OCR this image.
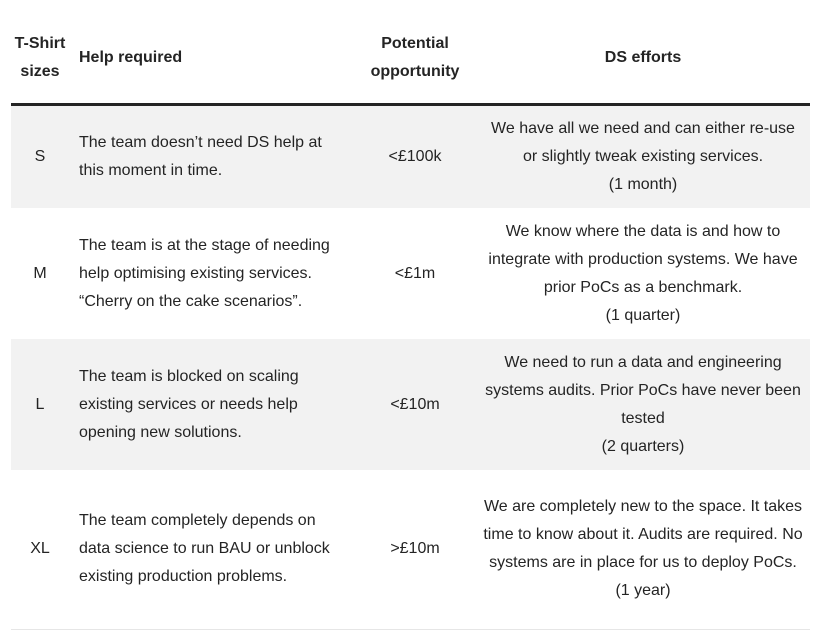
T-Shirt sizes	Help required	Potential opportunity	DS efforts
S	The team doesn’t need DS help at this moment in time.	<£100k	We have all we need and can either re-use or slightly tweak existing services.
(1 month)

M	The team is at the stage of needing help optimising existing services. “Cherry on the cake scenarios”.	<£1m	We know where the data is and how to integrate with production systems. We have prior PoCs as a benchmark.
(1 quarter)

L	The team is blocked on scaling existing services or needs help opening new solutions.	<£10m	We need to run a data and engineering systems audits. Prior PoCs have never been tested
(2 quarters)

XL	The team completely depends on data science to run BAU or unblock existing production problems.	>£10m	We are completely new to the space. It takes time to know about it. Audits are required. No systems are in place for us to deploy PoCs.
(1 year)
